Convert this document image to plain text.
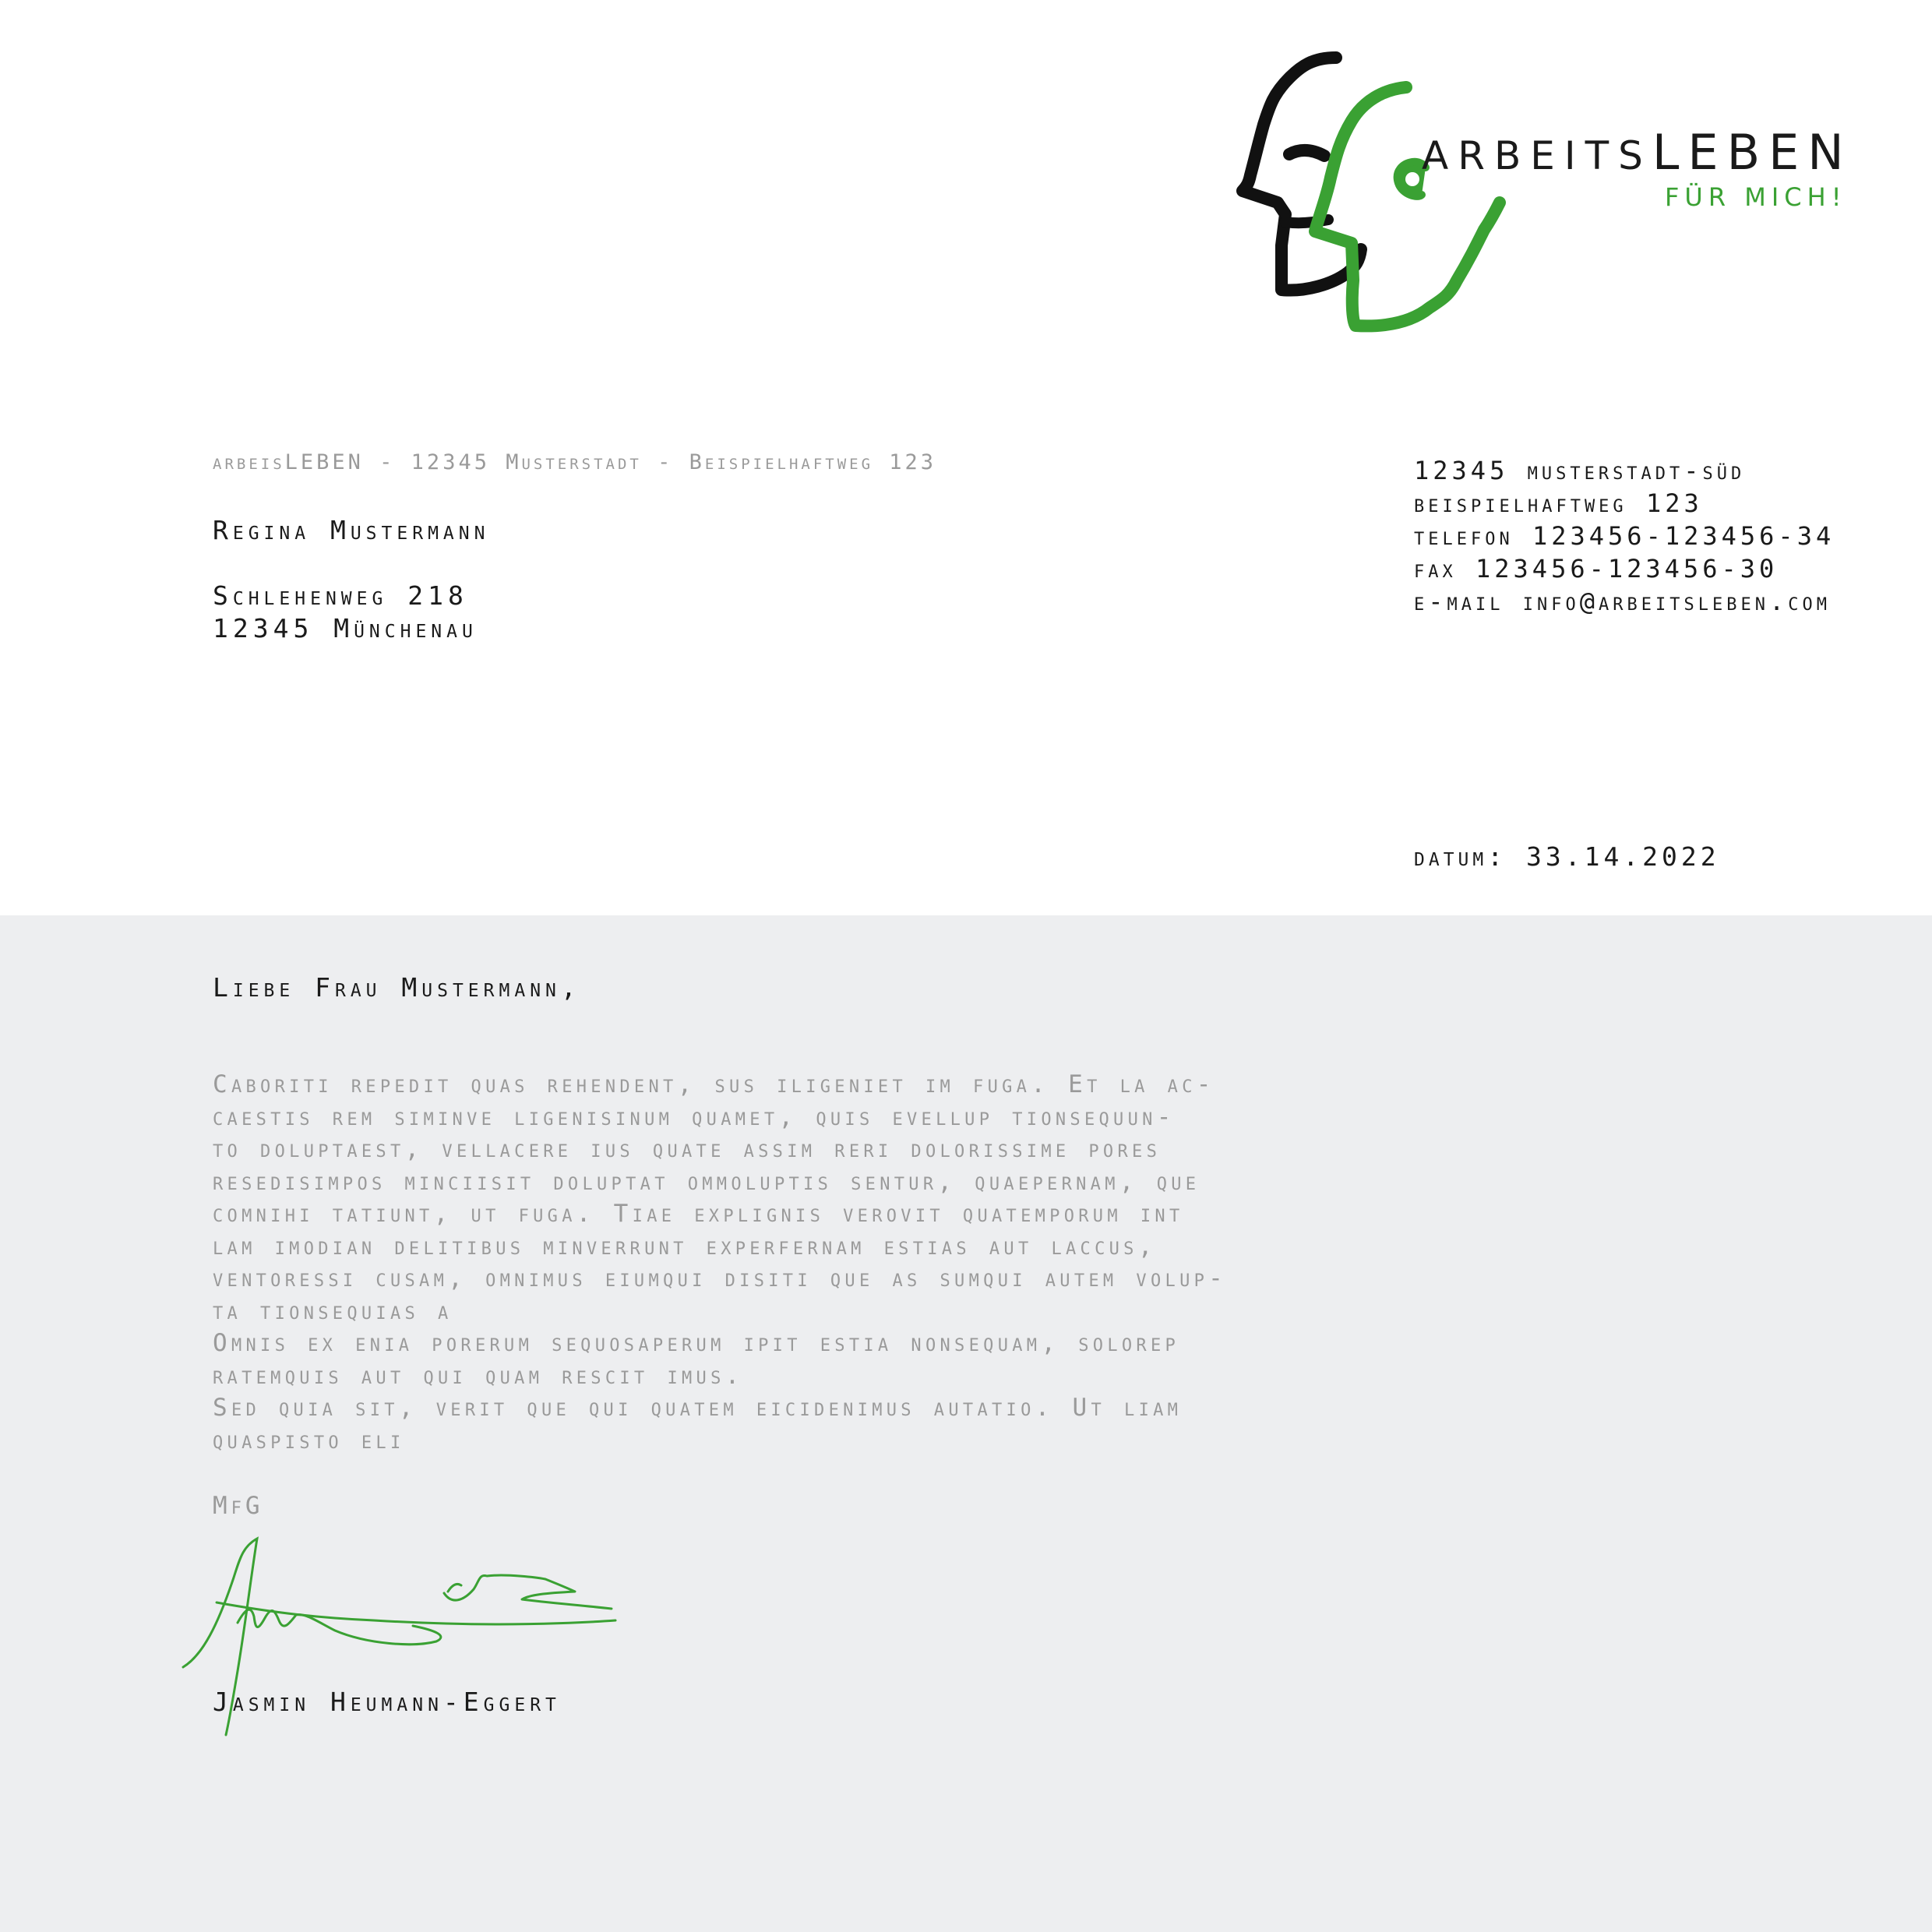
ARBEITSLEBEN
FÜR MICH!
arbeisLEBEN - 12345 Musterstadt - Beispielhaftweg 123
Regina Mustermann
Schlehenweg 218
12345 Münchenau
12345 musterstadt-süd
beispielhaftweg 123
telefon 123456-123456-34
fax 123456-123456-30
e-mail info@arbeitsleben.com
datum: 33.14.2022
Liebe Frau Mustermann,
Caboriti repedit quas rehendent, sus iligeniet im fuga. Et la ac-
caestis rem siminve ligenisinum quamet, quis evellup tionsequun-
to doluptaest, vellacere ius quate assim reri dolorissime pores
resedisimpos minciisit doluptat ommoluptis sentur, quaepernam, que
comnihi tatiunt, ut fuga. Tiae explignis verovit quatemporum int
lam imodian delitibus minverrunt experfernam estias aut laccus,
ventoressi cusam, omnimus eiumqui disiti que as sumqui autem volup-
ta tionsequias a
Omnis ex enia porerum sequosaperum ipit estia nonsequam, solorep
ratemquis aut qui quam rescit imus.
Sed quia sit, verit que qui quatem eicidenimus autatio. Ut liam
quaspisto eli
MfG
Jasmin Heumann-Eggert
